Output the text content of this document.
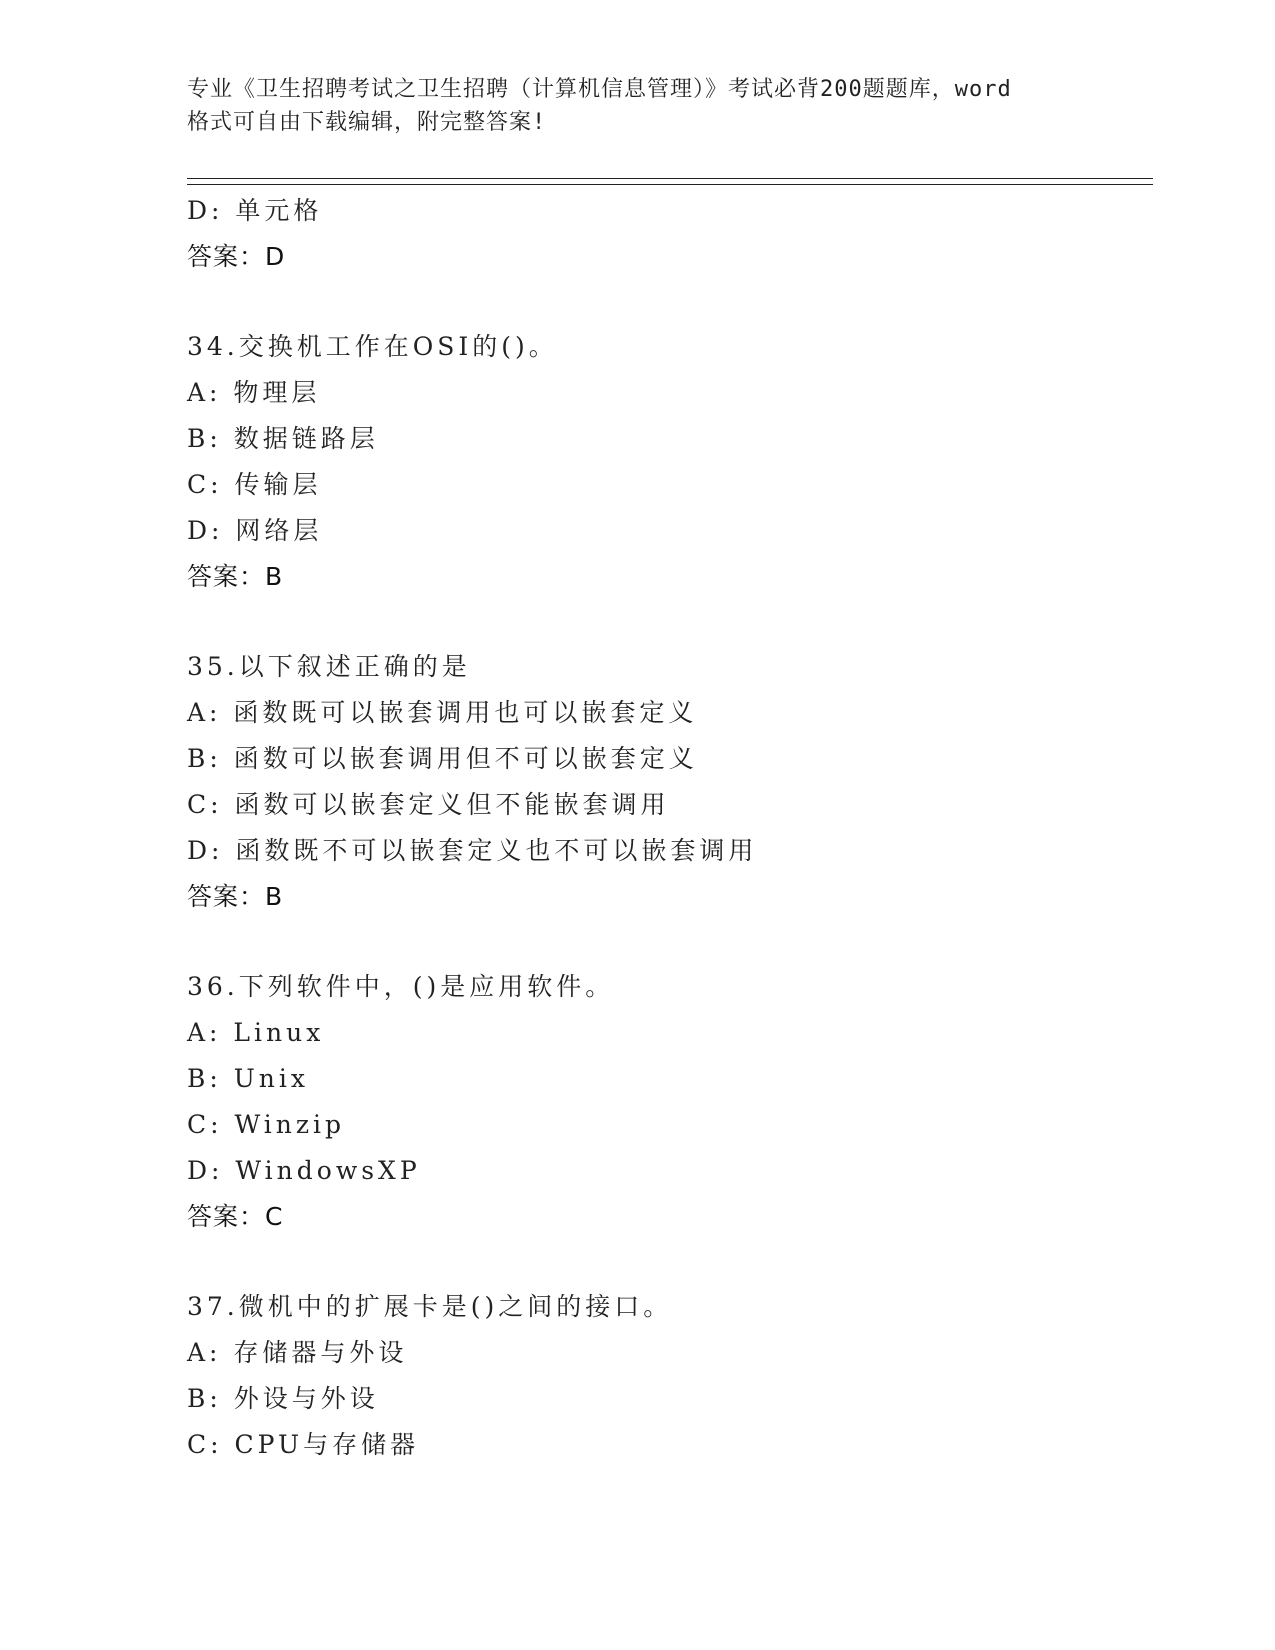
专业《卫生招聘考试之卫生招聘（计算机信息管理）》考试必背200题题库，word
格式可自由下载编辑，附完整答案!
D: 单元格
答案：D
34.交换机工作在OSI的()。
A: 物理层
B: 数据链路层
C: 传输层
D: 网络层
答案：B
35.以下叙述正确的是
A: 函数既可以嵌套调用也可以嵌套定义
B: 函数可以嵌套调用但不可以嵌套定义
C: 函数可以嵌套定义但不能嵌套调用
D: 函数既不可以嵌套定义也不可以嵌套调用
答案：B
36.下列软件中，()是应用软件。
A: Linux
B: Unix
C: Winzip
D: WindowsXP
答案：C
37.微机中的扩展卡是()之间的接口。
A: 存储器与外设
B: 外设与外设
C: CPU与存储器
